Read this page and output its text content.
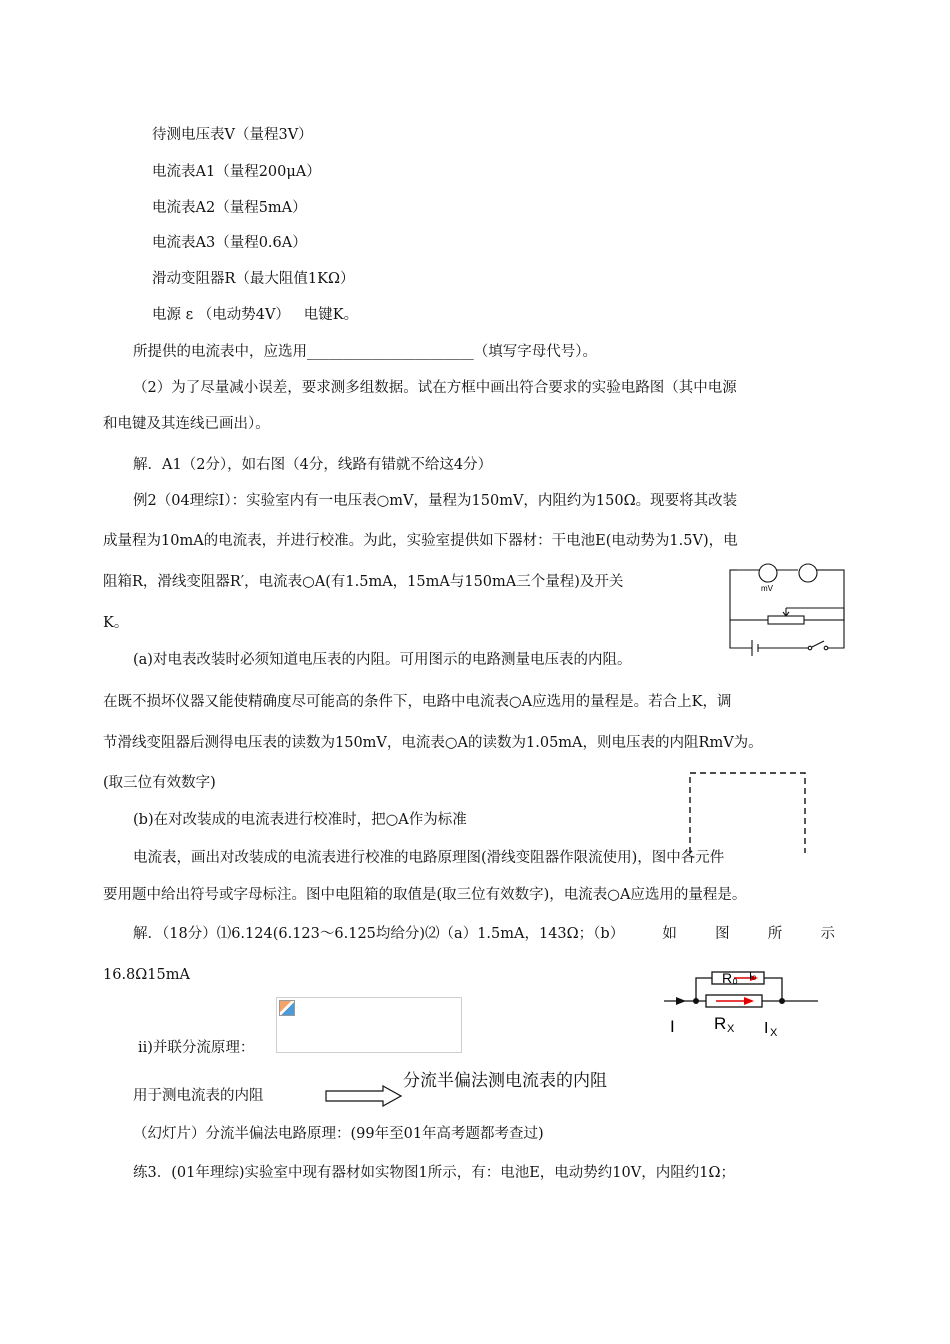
待测电压表V（量程3V）
电流表A1（量程200μA）
电流表A2（量程5mA）
电流表A3（量程0.6A）
滑动变阻器R（最大阻值1KΩ）
电源 ε （电动势4V）   电键K。
所提供的电流表中，应选用_______________________（填写字母代号）。
（2）为了尽量减小误差，要求测多组数据。试在方框中画出符合要求的实验电路图（其中电源
和电键及其连线已画出）。
解．A1（2分），如右图（4分，线路有错就不给这4分）
例2（04理综Ⅰ）：实验室内有一电压表○mV，量程为150mV，内阻约为150Ω。现要将其改装
成量程为10mA的电流表，并进行校准。为此，实验室提供如下器材：干电池E(电动势为1.5V)，电
阻箱R，滑线变阻器R′，电流表○A(有1.5mA，15mA与150mA三个量程)及开关
K。
(a)对电表改装时必须知道电压表的内阻。可用图示的电路测量电压表的内阻。
在既不损坏仪器又能使精确度尽可能高的条件下，电路中电流表○A应选用的量程是。若合上K，调
节滑线变阻器后测得电压表的读数为150mV，电流表○A的读数为1.05mA，则电压表的内阻RmV为。
(取三位有效数字)
(b)在对改装成的电流表进行校准时，把○A作为标准
电流表，画出对改装成的电流表进行校准的电路原理图(滑线变阻器作限流使用)，图中各元件
要用题中给出符号或字母标注。图中电阻箱的取值是(取三位有效数字)，电流表○A应选用的量程是。
解．（18分）⑴6.124(6.123～6.125均给分)⑵（a）1.5mA，143Ω；（b）	如	图	所	示
16.8Ω15mA
ⅱ)并联分流原理：
用于测电流表的内阻
（幻灯片）分流半偏法电路原理：(99年至01年高考题都考查过)
练3．(01年理综)实验室中现有器材如实物图1所示，有：电池E，电动势约10V，内阻约1Ω；
分流半偏法测电流表的内阻
mV
R₀ I₀
I R X I X
